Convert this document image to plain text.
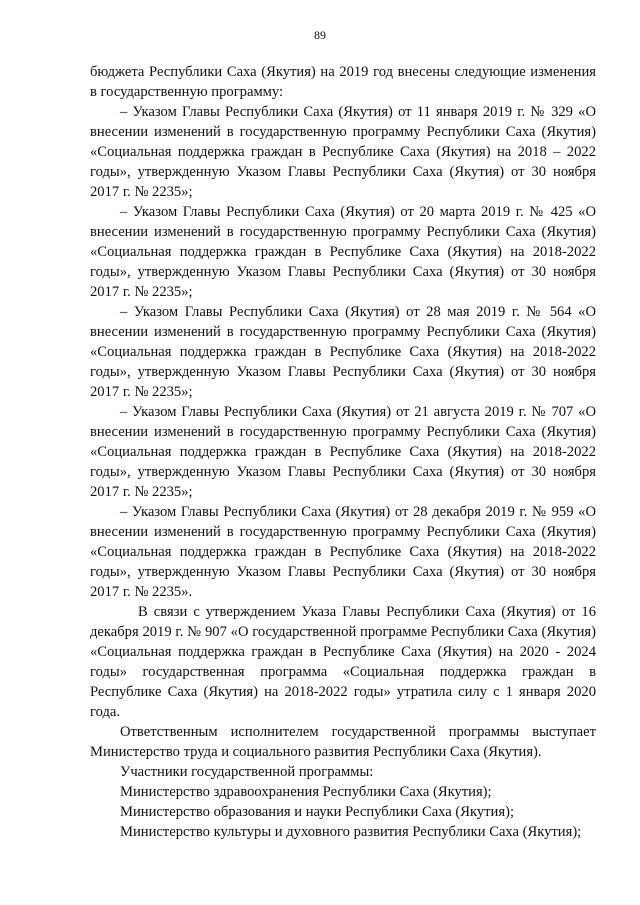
89

бюджета Республики Саха (Якутия) на 2019 год внесены следующие изменения в государственную программу:

– Указом Главы Республики Саха (Якутия) от 11 января 2019 г. № 329 «О внесении изменений в государственную программу Республики Саха (Якутия) «Социальная поддержка граждан в Республике Саха (Якутия) на 2018 – 2022 годы», утвержденную Указом Главы Республики Саха (Якутия) от 30 ноября 2017 г. № 2235»;

– Указом Главы Республики Саха (Якутия) от 20 марта 2019 г. № 425 «О внесении изменений в государственную программу Республики Саха (Якутия) «Социальная поддержка граждан в Республике Саха (Якутия) на 2018-2022 годы», утвержденную Указом Главы Республики Саха (Якутия) от 30 ноября 2017 г. № 2235»;

– Указом Главы Республики Саха (Якутия) от 28 мая 2019 г. № 564 «О внесении изменений в государственную программу Республики Саха (Якутия) «Социальная поддержка граждан в Республике Саха (Якутия) на 2018-2022 годы», утвержденную Указом Главы Республики Саха (Якутия) от 30 ноября 2017 г. № 2235»;

– Указом Главы Республики Саха (Якутия) от 21 августа 2019 г. № 707 «О внесении изменений в государственную программу Республики Саха (Якутия) «Социальная поддержка граждан в Республике Саха (Якутия) на 2018-2022 годы», утвержденную Указом Главы Республики Саха (Якутия) от 30 ноября 2017 г. № 2235»;

– Указом Главы Республики Саха (Якутия) от 28 декабря 2019 г. № 959 «О внесении изменений в государственную программу Республики Саха (Якутия) «Социальная поддержка граждан в Республике Саха (Якутия) на 2018-2022 годы», утвержденную Указом Главы Республики Саха (Якутия) от 30 ноября 2017 г. № 2235».

В связи с утверждением Указа Главы Республики Саха (Якутия) от 16 декабря 2019 г. № 907 «О государственной программе Республики Саха (Якутия) «Социальная поддержка граждан в Республике Саха (Якутия) на 2020 - 2024 годы» государственная программа «Социальная поддержка граждан в Республике Саха (Якутия) на 2018-2022 годы» утратила силу с 1 января 2020 года.

Ответственным исполнителем государственной программы выступает Министерство труда и социального развития Республики Саха (Якутия).

Участники государственной программы:

Министерство здравоохранения Республики Саха (Якутия);

Министерство образования и науки Республики Саха (Якутия);

Министерство культуры и духовного развития Республики Саха (Якутия);
